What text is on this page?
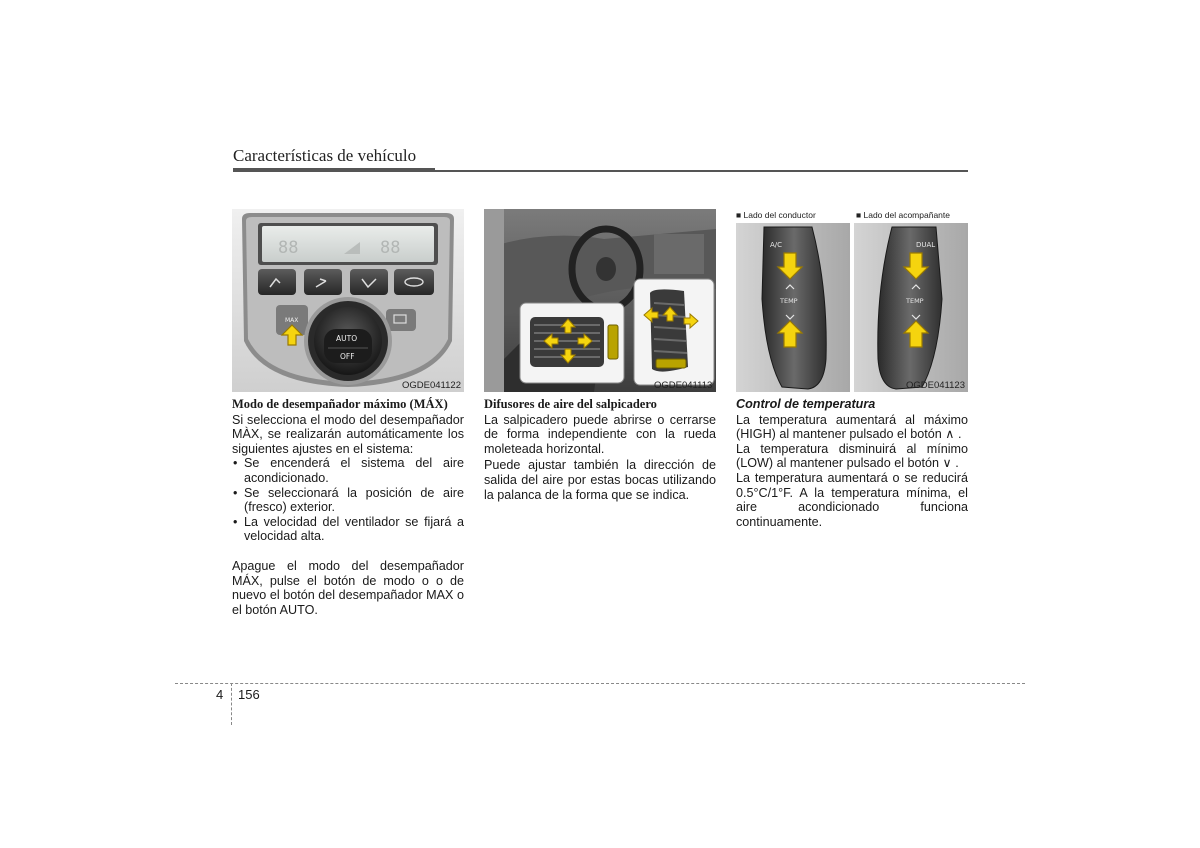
Características de vehículo
88	88
MAX
AUTO
OFF
OGDE041122	OGDE041113
A/C	DUAL
TEMP	TEMP
■ Lado del conductor	■ Lado del acompañante
OGDE041123

Modo de desempañador máximo (MÁX)

Si selecciona el modo del desempañador MÀX, se realizarán automáticamente los siguientes ajustes en el sistema:

• Se encenderá el sistema del aire acondicionado.
• Se seleccionará la posición de aire (fresco) exterior.
• La velocidad del ventilador se fijará a velocidad alta.

Apague el modo del desempañador MÁX, pulse el botón de modo o o de nuevo el botón del desempañador MAX o el botón AUTO.

Difusores de aire del salpicadero

La salpicadero puede abrirse o cerrarse de forma independiente con la rueda moleteada horizontal.

Puede ajustar también la dirección de salida del aire por estas bocas utilizando la palanca de la forma que se indica.

Control de temperatura

La temperatura aumentará al máximo (HIGH) al mantener pulsado el botón ∧ .

La temperatura disminuirá al mínimo (LOW) al mantener pulsado el botón ∨ .

La temperatura aumentará o se reducirá 0.5°C/1°F. A la temperatura mínima, el aire acondicionado funciona continuamente.

4 156
